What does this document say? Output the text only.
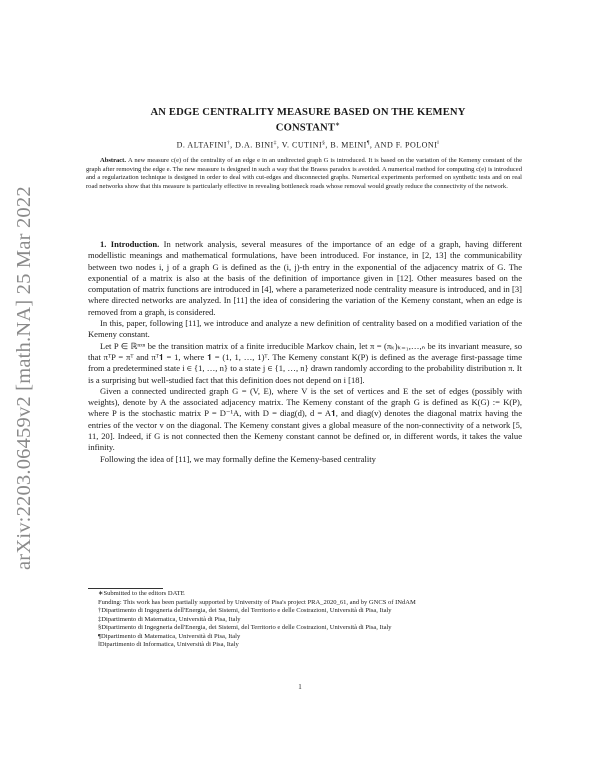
arXiv:2203.06459v2 [math.NA] 25 Mar 2022
AN EDGE CENTRALITY MEASURE BASED ON THE KEMENY
CONSTANT∗
D. ALTAFINI†, D.A. BINI‡, V. CUTINI§, B. MEINI¶, AND F. POLONI‖

Abstract. A new measure c(e) of the centrality of an edge e in an undirected graph G is introduced. It is based on the variation of the Kemeny constant of the graph after removing the edge e. The new measure is designed in such a way that the Braess paradox is avoided. A numerical method for computing c(e) is introduced and a regularization technique is designed in order to deal with cut-edges and disconnected graphs. Numerical experiments performed on synthetic tests and on real road networks show that this measure is particularly effective in revealing bottleneck roads whose removal would greatly reduce the connectivity of the network.

1. Introduction. In network analysis, several measures of the importance of an edge of a graph, having different modellistic meanings and mathematical formulations, have been introduced. For instance, in [2, 13] the communicability between two nodes i, j of a graph G is defined as the (i, j)-th entry in the exponential of the adjacency matrix of G. The exponential of a matrix is also at the basis of the definition of importance given in [12]. Other measures based on the computation of matrix functions are introduced in [4], where a parameterized node centrality measure is introduced, and in [3] where directed networks are analyzed. In [11] the idea of considering the variation of the Kemeny constant, when an edge is removed from a graph, is considered.

In this, paper, following [11], we introduce and analyze a new definition of centrality based on a modified variation of the Kemeny constant.

Let P ∈ ℝⁿˣⁿ be the transition matrix of a finite irreducible Markov chain, let π = (πₖ)ₖ₌₁,…,ₙ be its invariant measure, so that πᵀP = πᵀ and πᵀ𝟏 = 1, where 𝟏 = (1, 1, …, 1)ᵀ. The Kemeny constant K(P) is defined as the average first-passage time from a predetermined state i ∈ {1, …, n} to a state j ∈ {1, …, n} drawn randomly according to the probability distribution π. It is a surprising but well-studied fact that this definition does not depend on i [18].

Given a connected undirected graph G = (V, E), where V is the set of vertices and E the set of edges (possibly with weights), denote by A the associated adjacency matrix. The Kemeny constant of the graph G is defined as K(G) := K(P), where P is the stochastic matrix P = D⁻¹A, with D = diag(d), d = A𝟏, and diag(v) denotes the diagonal matrix having the entries of the vector v on the diagonal. The Kemeny constant gives a global measure of the non-connectivity of a network [5, 11, 20]. Indeed, if G is not connected then the Kemeny constant cannot be defined or, in different words, it takes the value infinity.

Following the idea of [11], we may formally define the Kemeny-based centrality

∗Submitted to the editors DATE

Funding: This work has been partially supported by University of Pisa's project PRA_2020_61, and by GNCS of INdAM

†Dipartimento di Ingegneria dell'Energia, dei Sistemi, del Territorio e delle Costrazioni, Università di Pisa, Italy

‡Dipartimento di Matematica, Università di Pisa, Italy

§Dipartimento di Ingegneria dell'Energia, dei Sistemi, del Territorio e delle Costrazioni, Università di Pisa, Italy

¶Dipartimento di Matematica, Università di Pisa, Italy

‖Dipartimento di Informatica, Università di Pisa, Italy

1
